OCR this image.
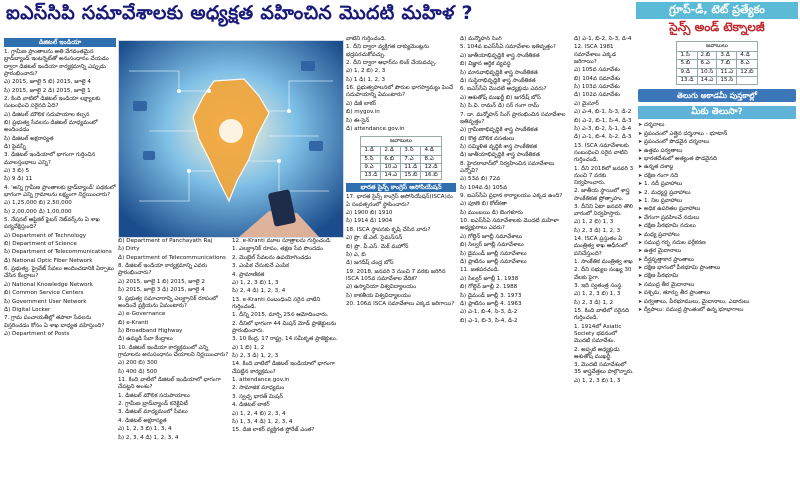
ఐఎస్‌సిపి సమావేశాలకు అధ్యక్షత వహించిన మొదటి మహిళ ?	గ్రూప్‌-డీ, టెట్‌ ప్రత్యేకం
సైన్స్‌ అండ్‌ టెక్నాలజీ
డిజిటల్‌ ఇండియా

1. గ్రామీణ ప్రాంతాలను అతి వేగవంతమైన బ్రాడ్‌బ్యాండ్‌ ఇంటర్నెట్‌తో అనుసంధానం చేయడం ద్వారా డిజిటల్‌ ఇండియా కార్యక్రమాన్ని ఎప్పుడు ప్రారంభించారు?

ఎ) 2015, జూలై 5 బి) 2015, జూలై 4

సి) 2015, జూలై 2 డి) 2015, జూలై 1

2. కింది వాటిలో డిజిటల్‌ ఇండియా లక్ష్యాలకు సంబంధించి సరైనది ఏది?

ఎ) డిజిటల్‌ మౌలిక సదుపాయాల కల్పన

బి) ప్రభుత్వ సేవలను డిజిటల్‌ మాధ్యమంలో అందించడం

సి) డిజిటల్‌ అక్షరాస్యత

డి) పైవన్నీ

3. డిజిటల్‌ ఇండియాలో భాగంగా గుర్తించిన మూలస్తంభాలు ఎన్ని?

ఎ) 3 బి) 5

సి) 9 డి) 11

4. 'అన్ని గ్రామీణ ప్రాంతాలకు బ్రాడ్‌బ్యాండ్‌' పథకంలో భాగంగా ఎన్ని గ్రామాలను లక్ష్యంగా నిర్ణయించారు?

ఎ) 1,25,000 బి) 2,50,000

సి) 2,00,000 డి) 1,00,000

5. నేషనల్‌ ఆప్టికల్‌ ఫైబర్‌ నెట్‌వర్క్‌ను ఏ శాఖ పర్యవేక్షిస్తుంది?

ఎ) Department of Technology

బి) Department of Science

సి) Department of Telecommunications

డి) National Optic Fiber Network

6. ప్రభుత్వ, ప్రైవేట్‌ సేవలు అందించడానికి ఏర్పాటు చేసిన కేంద్రాలు?

ఎ) National Knowledge Network

బి) Common Service Centers

సి) Government User Network

డి) Digital Locker

7. గ్రామ పంచాయతీల్లో తపాలా సేవలను విస్తరించడం కోసం ఏ శాఖ బాధ్యత వహిస్తుంది?

ఎ) Department of Posts

బి) Department of Panchayath Raj

సి) Dirty

డి) Department of Telecommunications

8. డిజిటల్‌ ఇండియా కార్యక్రమాన్ని ఎవరు ప్రారంభించారు?

ఎ) 2015, జూలై 1 బి) 2015, జూలై 2

సి) 2015, జూలై 3 డి) 2015, జూలై 4

9. ప్రభుత్వ సమాచారాన్ని ఎలక్ట్రానిక్‌ రూపంలో అందించే ప్రక్రియను ఏమంటారు?

ఎ) e-Governance

బి) e-Kranti

సి) Broadband Highway

డి) ఉమ్మడి సేవా కేంద్రాలు

10. డిజిటల్‌ ఇండియా కార్యక్రమంలో ఎన్ని గ్రామాలను అనుసంధానం చేయాలని నిర్ణయించారు?

ఎ) 200 బి) 300

సి) 400 డి) 500

11. కింది వాటిలో డిజిటల్‌ ఇండియాలో భాగంగా చేపట్టని అంశం?

1. డిజిటల్‌ మౌలిక సదుపాయాలు

2. గ్రామీణ బ్రాడ్‌బ్యాండ్‌ కనెక్టివిటీ

3. డిజిటల్‌ మాధ్యమంలో సేవలు

4. డిజిటల్‌ అక్షరాస్యత

ఎ) 1, 2, 3 బి) 1, 3, 4

సి) 2, 3, 4 డి) 1, 2, 3, 4

12. e-Kranti మూల సూత్రాలను గుర్తించండి.

1. ఎలక్ట్రానిక్‌ రూపం, తక్షణ సేవ పొందడం

2. మొబైల్‌ సేవలను ఉపయోగించడం

3. ఎంపిక చేసుకునే ఎంపిక

4. ప్రామాణికత

ఎ) 1, 2, 3 బి) 1, 3

సి) 2, 4 డి) 1, 2, 3, 4

13. e-Kranti సంబంధించి సరైన వాటిని గుర్తించండి.

1. దీన్ని 2015, మార్చి 25న ఆమోదించారు.

2. దీనిలో భాగంగా 44 మిషన్‌ మోడ్‌ ప్రాజెక్టులను ప్రారంభించారు.

3. 10 కేంద్ర, 17 రాష్ట్ర, 14 సమీకృత ప్రాజెక్టులు.

ఎ) 1 బి) 1, 2

సి) 2, 3 డి) 1, 2, 3

14. కింది వాటిలో డిజిటల్‌ ఇండియాలో భాగంగా చేపట్టిన కార్యక్రమం?

1. attendance.gov.in

2. సామాజిక మాధ్యమం

3. స్వచ్ఛ భారత్‌ మిషన్‌

4. డిజిటల్‌ లాకర్‌

ఎ) 1, 2, 4 బి) 2, 3, 4

సి) 1, 3, 4 డి) 1, 2, 3, 4

15. డిజి లాకర్‌ వ్యక్తిగత స్టోరేజ్‌ ఎంత?

వాటిని గుర్తించండి.

1. దీని ద్వారా వ్యక్తిగత దాక్యుమెంట్లను భద్రపరచుకోవచ్చు.

2. దీని ద్వారా ఆధార్‌ను లింక్‌ చేయవచ్చు.

ఎ) 1, 2 బి) 2, 3

సి) 1 డి) 1, 2, 3

16. ప్రభుత్వపాలనలో పౌరుల భాగస్వామ్యం పెంచే సదుపాయాన్ని ఏమంటారు?

ఎ) డిజీ లాకర్‌

బి) mygov.in

సి) ఈ-సైన్‌

డి) attendance.gov.in

జవాబులు			
1.డి	2.డి	3.సి	4.డి
5.సి	6.బి	7.ఎ	8.ఎ
9.ఎ	10.ఎ	11.డి	12.డి
13.డి	14.ఎ	15.బి	16.బి
భారత సైన్స్‌ కాంగ్రెస్‌ అసోసియేషన్‌

17. భారత సైన్స్‌ కాంగ్రెస్‌ అసోసియేషన్‌(ISCA)ను ఏ సంవత్సరంలో స్థాపించారు?

ఎ) 1900 బి) 1910

సి) 1914 డి) 1904

18. ISCA స్థాపనకు కృషి చేసిన వారు?

ఎ) ప్రొ. జే.ఎల్‌. సైమన్‌సన్‌

బి) ప్రొ. పీ.ఎస్‌. మెక్‌ మహోన్‌

సి) ఎ, బి

డి) జగదీష్‌ చంద్ర బోస్‌

19. 2018, జనవరి 3 నుంచి 7 వరకు జరిగిన ISCA 105వ సమావేశాల వేదిక?

ఎ) ఉస్మానియా విశ్వవిద్యాలయం

సి) కాకతీయ విశ్వవిద్యాలయం

20. 106వ ISCA సమావేశాలు ఎక్కడ జరిగాయి?

డి) మన్మోహన్‌ సింగ్‌

5. 104వ ఐఎస్‌సీఏ సమావేశాల ఇతివృత్తం?

ఎ) జాతీయాభివృద్ధికి శాస్త్ర సాంకేతికత

బి) విజ్ఞాన ఆర్థిక వ్యవస్థ

సి) మానవాభివృద్ధికి శాస్త్ర సాంకేతికత

డి) సుస్థిరాభివృద్ధికి శాస్త్ర సాంకేతికత

6. ఐఎస్‌సీఏ మొదటి అధ్యక్షుడు ఎవరు?

ఎ) ఆశుతోష్‌ ముఖర్జీ బి) జగదీష్‌ బోస్‌

సి) సి.వి. రామన్‌ డి) సర్‌ గంగా రామ్‌

7. డా. మన్మోహన్‌ సింగ్‌ ప్రారంభించిన సమావేశాల ఇతివృత్తం?

ఎ) గ్రామీణాభివృద్ధికి శాస్త్ర సాంకేతికత

బి) కొత్త మౌలిక వసతులు

సి) సమ్మిళిత వృద్ధికి శాస్త్ర సాంకేతికత

డి) జాతీయాభివృద్ధికి శాస్త్ర సాంకేతికత

8. హైదరాబాద్‌లో నిర్వహించిన సమావేశాలు ఎన్నోవి?

ఎ) 53వ బి) 72వ

సి) 104వ డి) 105వ

9. ఐఎస్‌సీఏ ప్రధాన కార్యాలయం ఎక్కడ ఉంది?

ఎ) పూణె బి) కోల్‌కతా

సి) ముంబయి డి) బెంగళూరు

10. ఐఎస్‌సీఏ సమావేశాలకు మొదటి మహిళా అధ్యక్షురాలు ఎవరు?

ఎ) గోల్డెన్‌ జూబ్లీ సమావేశాలు

బి) సిల్వర్‌ జూబ్లీ సమావేశాలు

సి) డైమండ్‌ జూబ్లీ సమావేశాలు

డి) ప్లాటినం జూబ్లీ సమావేశాలు

11. జతపరచండి.

ఎ) సిల్వర్‌ జూబ్లీ 1. 1938

బి) గోల్డెన్‌ జూబ్లీ 2. 1988

సి) డైమండ్‌ జూబ్లీ 3. 1973

డి) ప్లాటినం జూబ్లీ 4. 1963

ఎ) ఎ-1, బి-4, సి-3, డి-2

బి) ఎ-1, బి-3, సి-4, డి-2

డి) ఎ-1, బి-2, సి-3, డి-4

12. ISCA 1981 సమావేశాలు ఎక్కడ జరిగాయి?

ఎ) 105వ సమావేశం

బి) 104వ సమావేశం

సి) 103వ సమావేశం

డి) 102వ సమావేశం

ఎ) మైసూర్‌

ఎ) ఎ-4, బి-1, సి-3, డి-2

బి) ఎ-2, బి-1, సి-4, డి-3

సి) ఎ-3, బి-2, సి-1, డి-4

డి) ఎ-1, బి-4, సి-2, డి-3

13. ISCA సమావేశాలకు సంబంధించి సరైన వాటిని గుర్తించండి.

1. దీని 2018లో జనవరి 3 నుంచి 7 వరకు నిర్వహించారు.

2. జాతీయ స్థాయిలో శాస్త్ర సాంకేతికత ప్రోత్సాహం.

3. దీనిని ఏటా జనవరి తొలి వారంలో నిర్వహిస్తారు.

ఎ) 1, 2 బి) 1, 3

సి) 2, 3 డి) 1, 2, 3

14. ISCA ప్రస్తుతం ఏ మంత్రిత్వ శాఖ ఆధీనంలో పనిచేస్తుంది?

1. సాంకేతిక మంత్రిత్వ శాఖ

2. దీని సభ్యుల సంఖ్య 30 వేలకు పైగా.

3. ఇది స్వతంత్ర సంస్థ.

ఎ) 1, 2, 3 బి) 1, 3

సి) 2, 3 డి) 1, 2

15. కింది వాటిలో సరైనది గుర్తించండి.

1. 1914లో Asiatic Society భవనంలో మొదటి సమావేశం.

2. అప్పటి అధ్యక్షుడు ఆశుతోష్‌ ముఖర్జీ.

3. మొదటి సమావేశంలో 35 శాస్త్రవేత్తలు పాల్గొన్నారు.

ఎ) 1, 2, 3 బి) 1, 3

జవాబులు			
1.సి	2.బి	3.డి	4.డి
5.బి	6.ఎ	7.బి	8.ఎ
9.డి	10.సి	11.ఎ	12.బి
13.డి	14.ఎ	15.సి	
తెలుగు అకాడమీ పుస్తకాల్లో
మీకు తెలుసా?

➤ దర్శనాలు

➤ ప్రపంచంలో ఎత్తైన దర్శనాలు - భూటాన్‌

➤ ప్రపంచంలో పొడవైన దర్శనాలు

➤ ఉత్తమ పర్వతాలు

➤ భారతదేశంలో అత్యంత పొడవైనది

➤ ఉన్నత దశాబ్ద

➤ దక్షిణ గంగా నది

➤ 1. నదీ ప్రవాహాలు

➤ 2. మధ్యస్థ ప్రవాహాలు

➤ 1. నిల ప్రవాహాలు

➤ అధిక ఉపరితల ప్రవాహాలు

➤ వేగంగా ప్రవహించే నదులు

➤ దక్షిణ పీఠభూమి నదులు

➤ మధ్య ప్రవాహాలు

➤ సముద్ర గర్భ నదుల వర్గీకరణ

➤ ఉత్తర మైదానాలు

➤ దీర్ఘవృత్తాకార ప్రాంతాలు

➤ దక్షిణ భాగంలో పీఠభూమి ప్రాంతాలు

➤ దక్షిణ పీఠభూమి

➤ సముద్ర తీర మైదానాలు

➤ పశ్చిమ, తూర్పు తీర ప్రాంతాలు

➤ పర్వతాలు, పీఠభూములు, మైదానాలు, ఎడారులు

➤ ద్వీపాలు: సముద్ర ప్రాంతంలో ఉన్న భూభాగాలు
